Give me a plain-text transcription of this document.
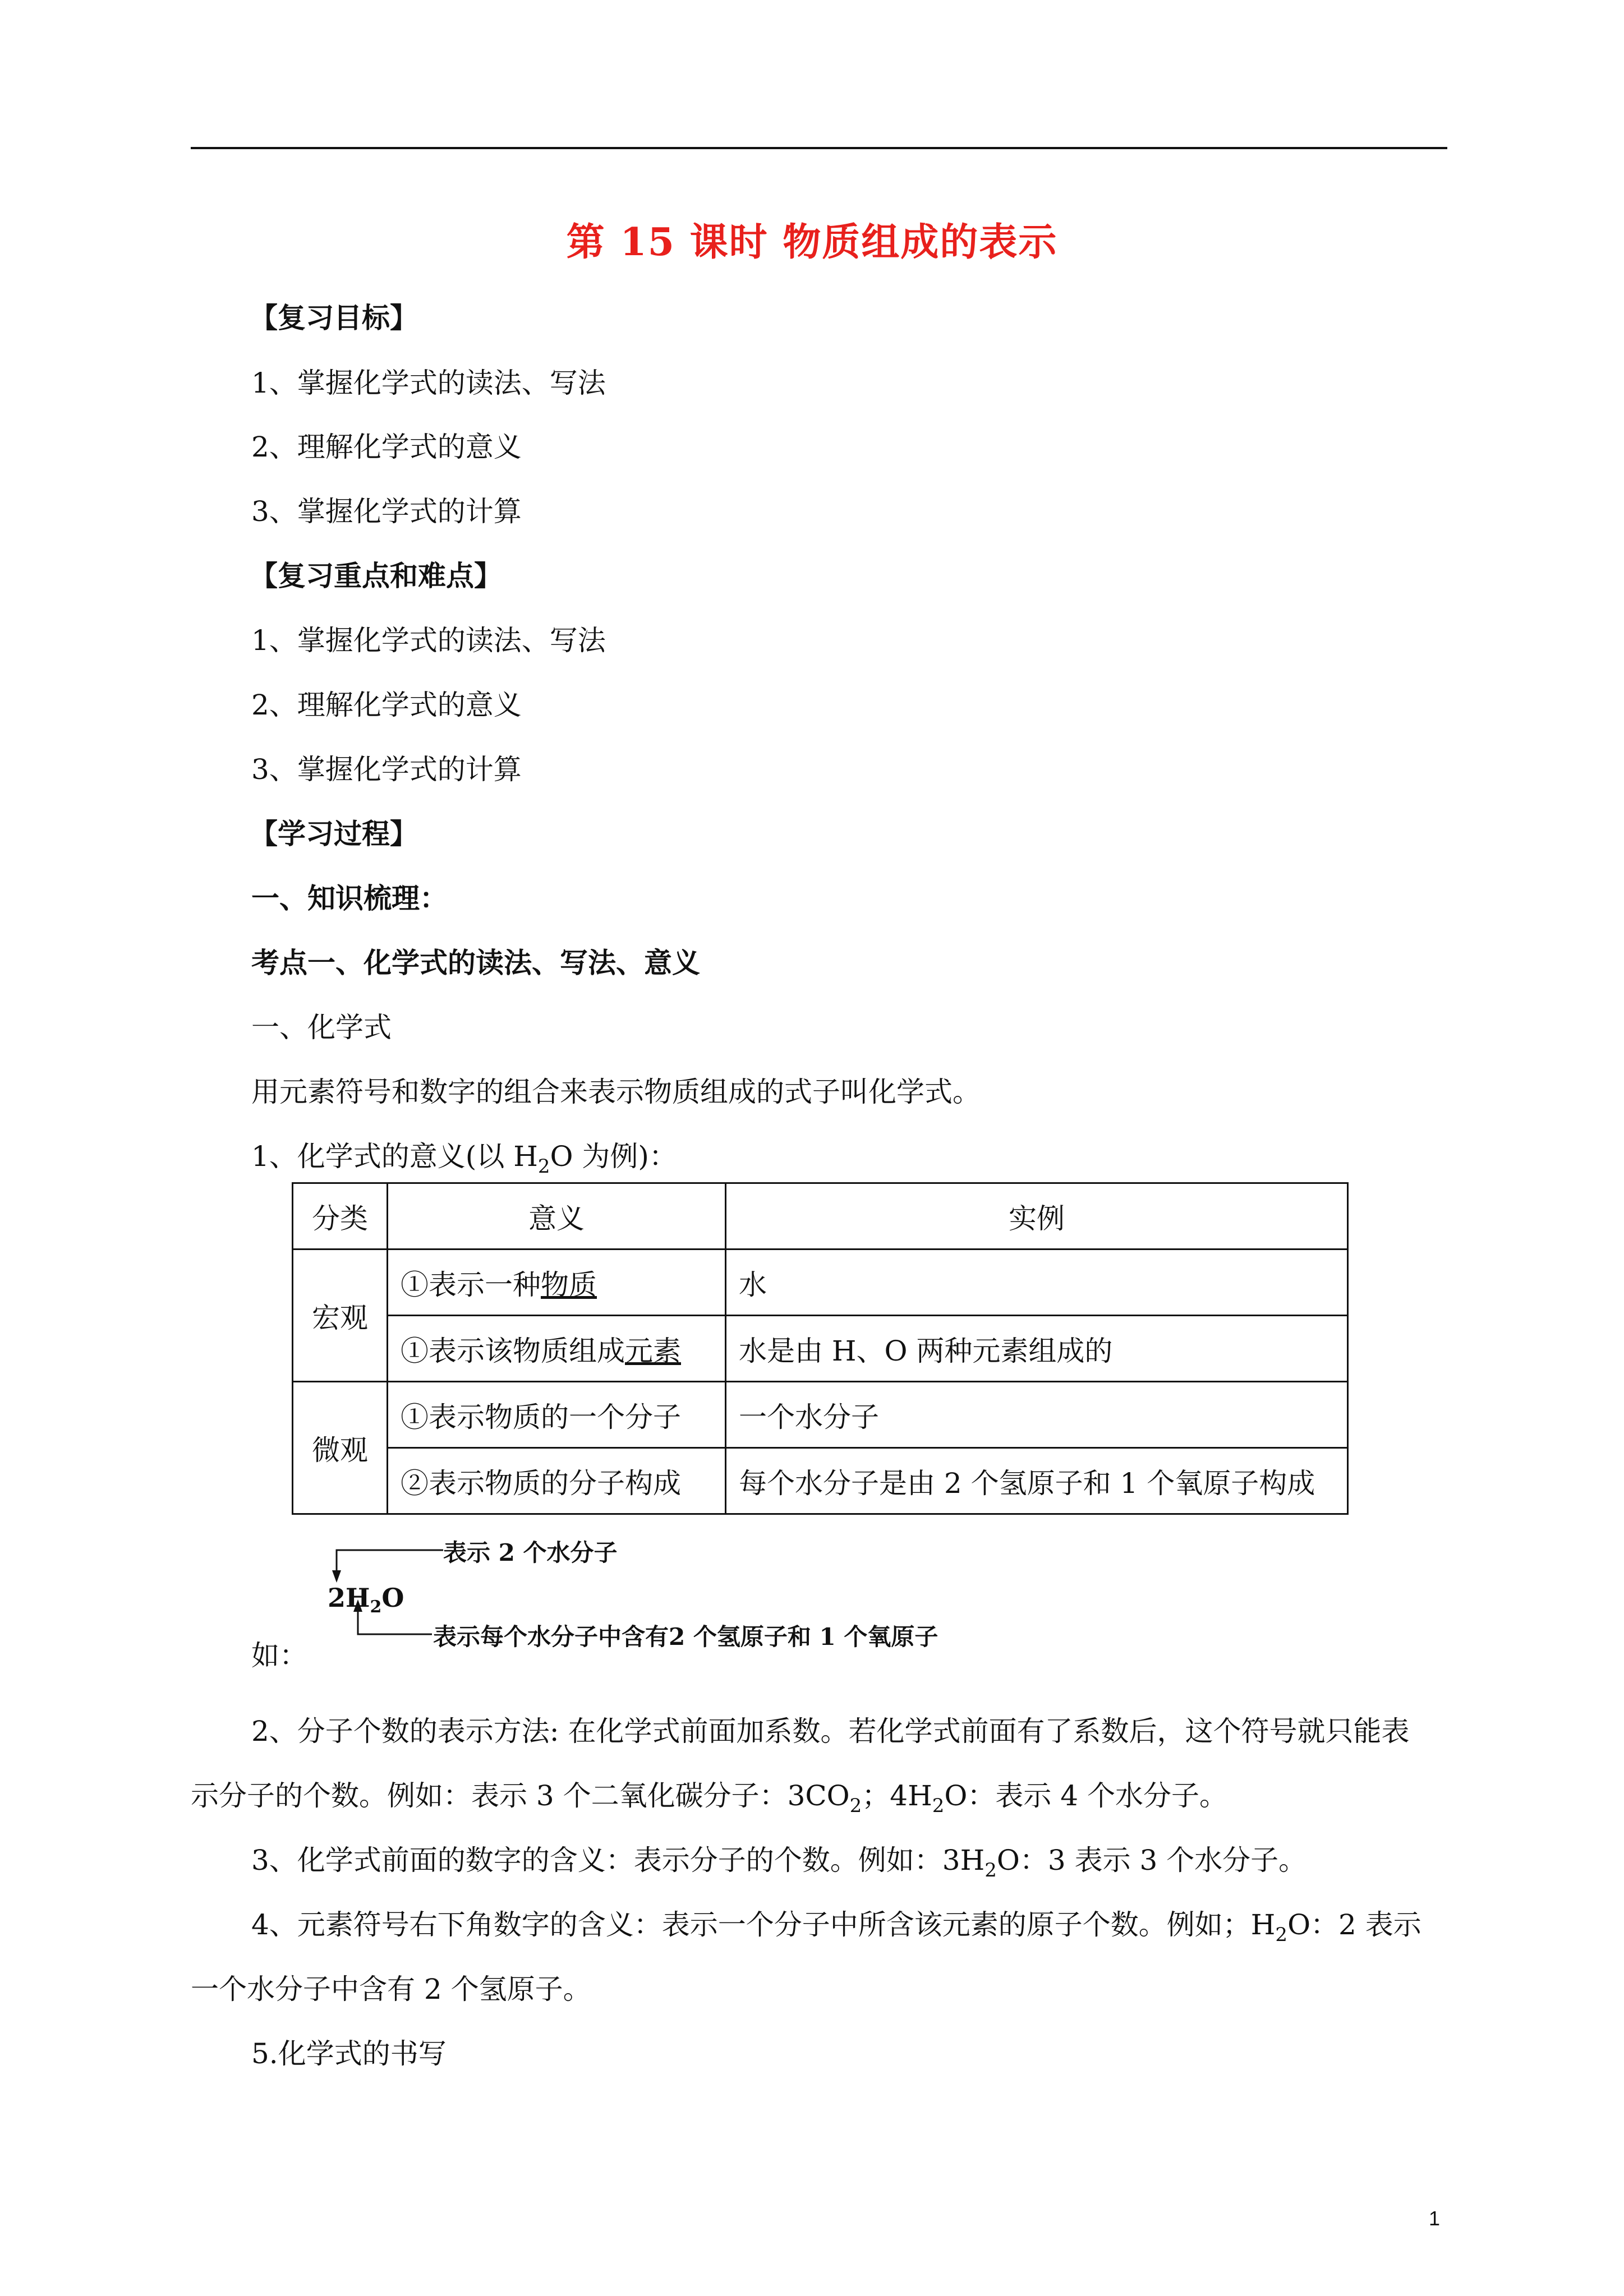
第 15 课时 物质组成的表示
【复习目标】
1、掌握化学式的读法、写法
2、理解化学式的意义
3、掌握化学式的计算
【复习重点和难点】
1、掌握化学式的读法、写法
2、理解化学式的意义
3、掌握化学式的计算
【学习过程】
一、知识梳理：
考点一、化学式的读法、写法、意义
一、化学式
用元素符号和数字的组合来表示物质组成的式子叫化学式。
1、化学式的意义(以 $H_2O$ 为例)：
分类	意义	实例
宏观	①表示一种物质	水
	①表示该物质组成元素	水是由 H、O 两种元素组成的
微观	①表示物质的一个分子	一个水分子
	②表示物质的分子构成	每个水分子是由 2 个氢原子和 1 个氧原子构成
表示 2 个水分子
$2H_2O$
表示每个水分子中含有2 个氢原子和 1 个氧原子
如：
2、分子个数的表示方法: 在化学式前面加系数。若化学式前面有了系数后，这个符号就只能表
示分子的个数。例如：表示 3 个二氧化碳分子：$3CO_2$；$4H_2O$：表示 4 个水分子。
3、化学式前面的数字的含义：表示分子的个数。例如：$3H_2O$：3 表示 3 个水分子。
4、元素符号右下角数字的含义：表示一个分子中所含该元素的原子个数。例如；$H_2O$：2 表示
一个水分子中含有 2 个氢原子。
5.化学式的书写
1
